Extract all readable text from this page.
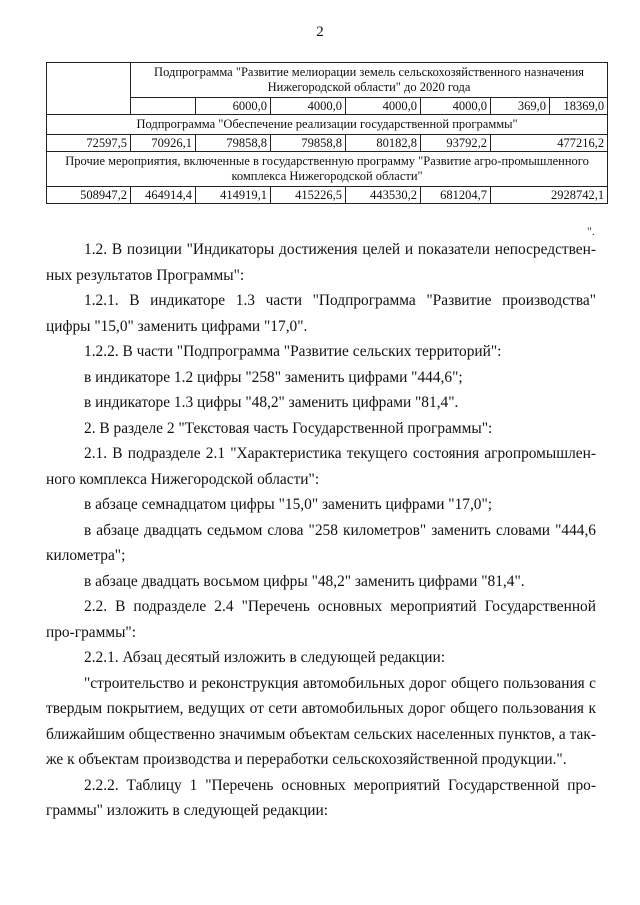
2
	Подпрограмма "Развитие мелиорации земель сельскохозяйственного назначения Нижегородской области" до 2020 года						
		6000,0	4000,0	4000,0	4000,0	369,0	18369,0
Подпрограмма "Обеспечение реализации государственной программы"							
72597,5	70926,1	79858,8	79858,8	80182,8	93792,2	477216,2	
Прочие мероприятия, включенные в государственную программу "Развитие агро-промышленного комплекса Нижегородской области"							
508947,2	464914,4	414919,1	415226,5	443530,2	681204,7	2928742,1	
".

1.2. В позиции "Индикаторы достижения целей и показатели непосредствен-ных результатов Программы":

1.2.1. В индикаторе 1.3 части "Подпрограмма "Развитие производства" цифры "15,0" заменить цифрами "17,0".

1.2.2. В части "Подпрограмма "Развитие сельских территорий":

в индикаторе 1.2 цифры "258" заменить цифрами "444,6";

в индикаторе 1.3 цифры "48,2" заменить цифрами "81,4".

2. В разделе 2 "Текстовая часть Государственной программы":

2.1. В подразделе 2.1 "Характеристика текущего состояния агропромышлен-ного комплекса Нижегородской области":

в абзаце семнадцатом цифры "15,0" заменить цифрами "17,0";

в абзаце двадцать седьмом слова "258 километров" заменить словами "444,6 километра";

в абзаце двадцать восьмом цифры "48,2" заменить цифрами "81,4".

2.2. В подразделе 2.4 "Перечень основных мероприятий Государственной про-граммы":

2.2.1. Абзац десятый изложить в следующей редакции:

"строительство и реконструкция автомобильных дорог общего пользования с твердым покрытием, ведущих от сети автомобильных дорог общего пользования к ближайшим общественно значимым объектам сельских населенных пунктов, а так-же к объектам производства и переработки сельскохозяйственной продукции.".

2.2.2. Таблицу 1 "Перечень основных мероприятий Государственной про-граммы" изложить в следующей редакции:
